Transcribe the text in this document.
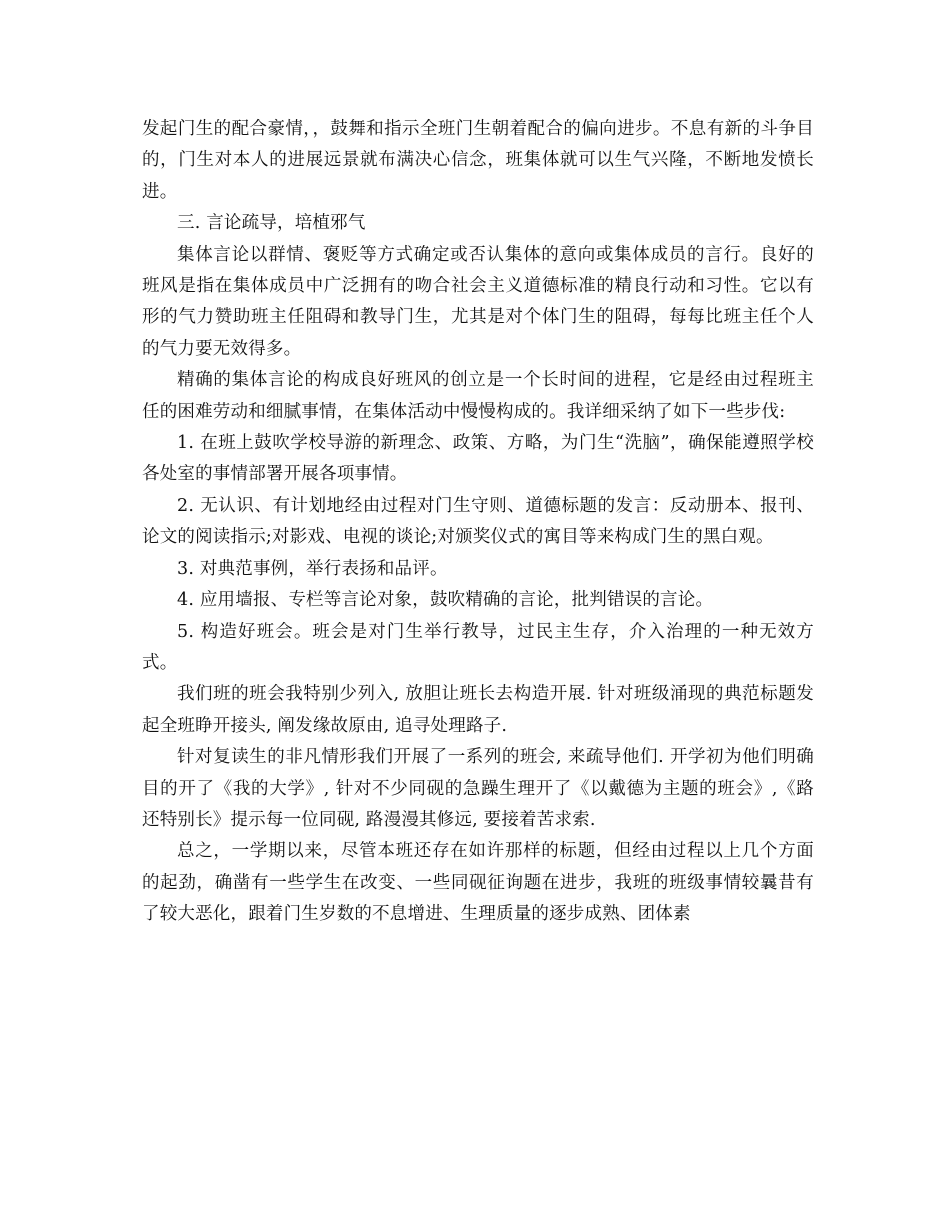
发起门生的配合豪情，，鼓舞和指示全班门生朝着配合的偏向进步。不息有新的斗争目的，门生对本人的进展远景就布满决心信念，班集体就可以生气兴隆，不断地发愤长进。

三. 言论疏导，培植邪气

集体言论以群情、褒贬等方式确定或否认集体的意向或集体成员的言行。良好的班风是指在集体成员中广泛拥有的吻合社会主义道德标准的精良行动和习性。它以有形的气力赞助班主任阻碍和教导门生，尤其是对个体门生的阻碍，每每比班主任个人的气力要无效得多。

精确的集体言论的构成良好班风的创立是一个长时间的进程，它是经由过程班主任的困难劳动和细腻事情，在集体活动中慢慢构成的。我详细采纳了如下一些步伐:

1. 在班上鼓吹学校导游的新理念、政策、方略，为门生“洗脑”，确保能遵照学校各处室的事情部署开展各项事情。

2. 无认识、有计划地经由过程对门生守则、道德标题的发言：反动册本、报刊、论文的阅读指示;对影戏、电视的谈论;对颁奖仪式的寓目等来构成门生的黑白观。

3. 对典范事例，举行表扬和品评。

4. 应用墙报、专栏等言论对象，鼓吹精确的言论，批判错误的言论。

5. 构造好班会。班会是对门生举行教导，过民主生存，介入治理的一种无效方式。

我们班的班会我特别少列入, 放胆让班长去构造开展. 针对班级涌现的典范标题发起全班睁开接头, 阐发缘故原由, 追寻处理路子.

针对复读生的非凡情形我们开展了一系列的班会, 来疏导他们. 开学初为他们明确目的开了《我的大学》, 针对不少同砚的急躁生理开了《以戴德为主题的班会》,《路还特别长》提示每一位同砚, 路漫漫其修远, 要接着苦求索.

总之，一学期以来，尽管本班还存在如许那样的标题，但经由过程以上几个方面的起劲，确凿有一些学生在改变、一些同砚征询题在进步，我班的班级事情较曩昔有了较大恶化，跟着门生岁数的不息增进、生理质量的逐步成熟、团体素
